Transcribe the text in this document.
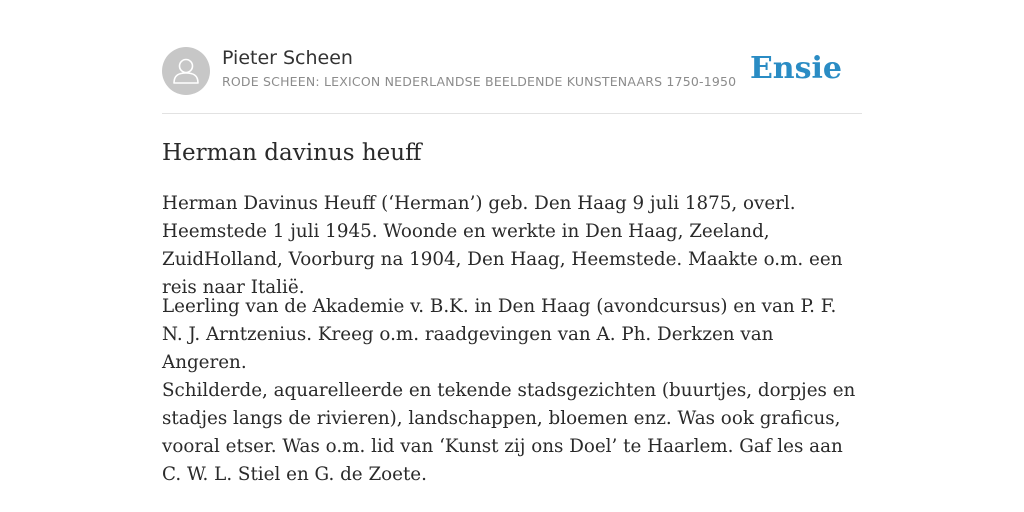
Pieter Scheen
RODE SCHEEN: LEXICON NEDERLANDSE BEELDENDE KUNSTENAARS 1750-1950 Ensie
Herman davinus heuff

Herman Davinus Heuff (‘Herman’) geb. Den Haag 9 juli 1875, overl. Heemstede 1 juli 1945. Woonde en werkte in Den Haag, Zeeland, ZuidHolland, Voorburg na 1904, Den Haag, Heemstede. Maakte o.m. een reis naar Italië.

Leerling van de Akademie v. B.K. in Den Haag (avondcursus) en van P. F. N. J. Arntzenius. Kreeg o.m. raadgevingen van A. Ph. Derkzen van Angeren.

Schilderde, aquarelleerde en tekende stadsgezichten (buurtjes, dorpjes en stadjes langs de rivieren), landschappen, bloemen enz. Was ook graficus, vooral etser. Was o.m. lid van ‘Kunst zij ons Doel’ te Haarlem. Gaf les aan C. W. L. Stiel en G. de Zoete.
